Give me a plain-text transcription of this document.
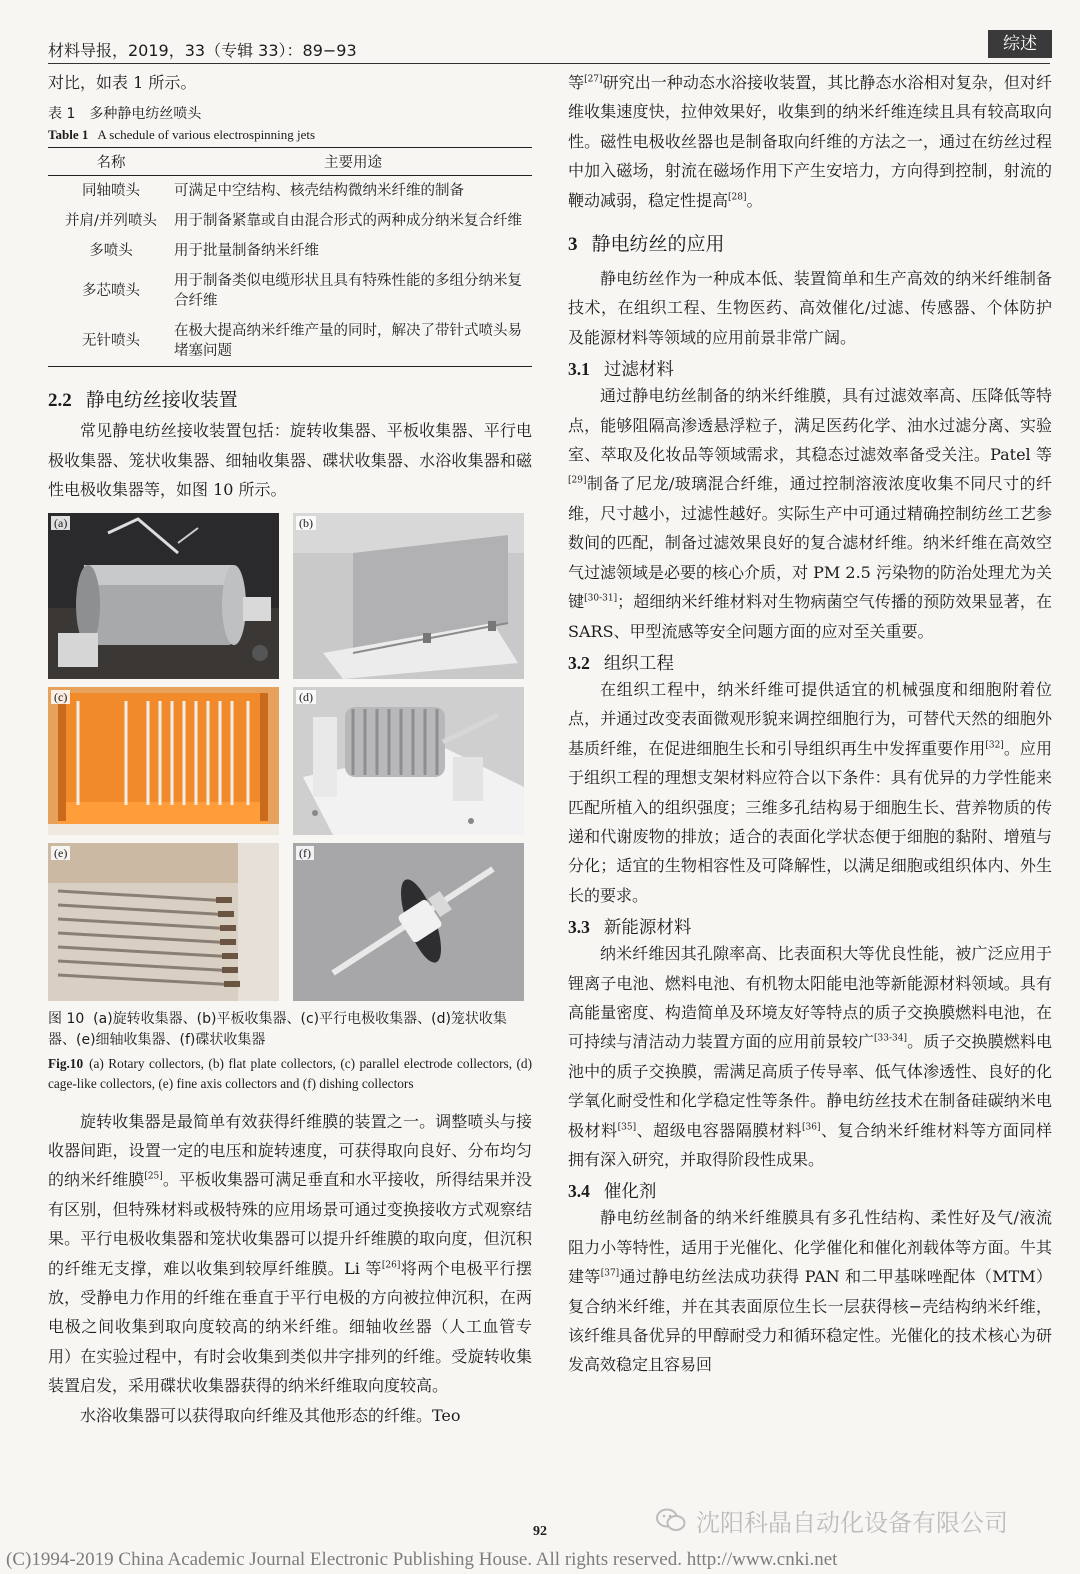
材料导报，2019，33（专辑 33）：89−93	综述

对比，如表 1 所示。

表 1　多种静电纺丝喷头
Table 1 A schedule of various electrospinning jets
名称	主要用途
同轴喷头	可满足中空结构、核壳结构微纳米纤维的制备
并肩/并列喷头	用于制备紧靠或自由混合形式的两种成分纳米复合纤维
多喷头	用于批量制备纳米纤维
多芯喷头	用于制备类似电缆形状且具有特殊性能的多组分纳米复合纤维
无针喷头	在极大提高纳米纤维产量的同时，解决了带针式喷头易堵塞问题
2.2 静电纺丝接收装置

常见静电纺丝接收装置包括：旋转收集器、平板收集器、平行电极收集器、笼状收集器、细轴收集器、碟状收集器、水浴收集器和磁性电极收集器等，如图 10 所示。

(a)	(b)
(c)	(d)
(e)	(f)
图 10 (a)旋转收集器、(b)平板收集器、(c)平行电极收集器、(d)笼状收集器、(e)细轴收集器、(f)碟状收集器
Fig.10 (a) Rotary collectors, (b) flat plate collectors, (c) parallel electrode collectors, (d) cage-like collectors, (e) fine axis collectors and (f) dishing collectors

旋转收集器是最简单有效获得纤维膜的装置之一。调整喷头与接收器间距，设置一定的电压和旋转速度，可获得取向良好、分布均匀的纳米纤维膜[25]。平板收集器可满足垂直和水平接收，所得结果并没有区别，但特殊材料或极特殊的应用场景可通过变换接收方式观察结果。平行电极收集器和笼状收集器可以提升纤维膜的取向度，但沉积的纤维无支撑，难以收集到较厚纤维膜。Li 等[26]将两个电极平行摆放，受静电力作用的纤维在垂直于平行电极的方向被拉伸沉积，在两电极之间收集到取向度较高的纳米纤维。细轴收丝器（人工血管专用）在实验过程中，有时会收集到类似井字排列的纤维。受旋转收集装置启发，采用碟状收集器获得的纳米纤维取向度较高。

水浴收集器可以获得取向纤维及其他形态的纤维。Teo

等[27]研究出一种动态水浴接收装置，其比静态水浴相对复杂，但对纤维收集速度快，拉伸效果好，收集到的纳米纤维连续且具有较高取向性。磁性电极收丝器也是制备取向纤维的方法之一，通过在纺丝过程中加入磁场，射流在磁场作用下产生安培力，方向得到控制，射流的鞭动减弱，稳定性提高[28]。

3 静电纺丝的应用

静电纺丝作为一种成本低、装置简单和生产高效的纳米纤维制备技术，在组织工程、生物医药、高效催化/过滤、传感器、个体防护及能源材料等领域的应用前景非常广阔。

3.1 过滤材料

通过静电纺丝制备的纳米纤维膜，具有过滤效率高、压降低等特点，能够阻隔高渗透悬浮粒子，满足医药化学、油水过滤分离、实验室、萃取及化妆品等领域需求，其稳态过滤效率备受关注。Patel 等[29]制备了尼龙/玻璃混合纤维，通过控制溶液浓度收集不同尺寸的纤维，尺寸越小，过滤性越好。实际生产中可通过精确控制纺丝工艺参数间的匹配，制备过滤效果良好的复合滤材纤维。纳米纤维在高效空气过滤领域是必要的核心介质，对 PM 2.5 污染物的防治处理尤为关键[30-31]；超细纳米纤维材料对生物病菌空气传播的预防效果显著，在 SARS、甲型流感等安全问题方面的应对至关重要。

3.2 组织工程

在组织工程中，纳米纤维可提供适宜的机械强度和细胞附着位点，并通过改变表面微观形貌来调控细胞行为，可替代天然的细胞外基质纤维，在促进细胞生长和引导组织再生中发挥重要作用[32]。应用于组织工程的理想支架材料应符合以下条件：具有优异的力学性能来匹配所植入的组织强度；三维多孔结构易于细胞生长、营养物质的传递和代谢废物的排放；适合的表面化学状态便于细胞的黏附、增殖与分化；适宜的生物相容性及可降解性，以满足细胞或组织体内、外生长的要求。

3.3 新能源材料

纳米纤维因其孔隙率高、比表面积大等优良性能，被广泛应用于锂离子电池、燃料电池、有机物太阳能电池等新能源材料领域。具有高能量密度、构造简单及环境友好等特点的质子交换膜燃料电池，在可持续与清洁动力装置方面的应用前景较广[33-34]。质子交换膜燃料电池中的质子交换膜，需满足高质子传导率、低气体渗透性、良好的化学氧化耐受性和化学稳定性等条件。静电纺丝技术在制备硅碳纳米电极材料[35]、超级电容器隔膜材料[36]、复合纳米纤维材料等方面同样拥有深入研究，并取得阶段性成果。

3.4 催化剂

静电纺丝制备的纳米纤维膜具有多孔性结构、柔性好及气/液流阻力小等特性，适用于光催化、化学催化和催化剂载体等方面。牛其建等[37]通过静电纺丝法成功获得 PAN 和二甲基咪唑配体（MTM）复合纳米纤维，并在其表面原位生长一层获得核−壳结构纳米纤维，该纤维具备优异的甲醇耐受力和循环稳定性。光催化的技术核心为研发高效稳定且容易回

沈阳科晶自动化设备有限公司
92
(C)1994-2019 China Academic Journal Electronic Publishing House. All rights reserved. http://www.cnki.net
